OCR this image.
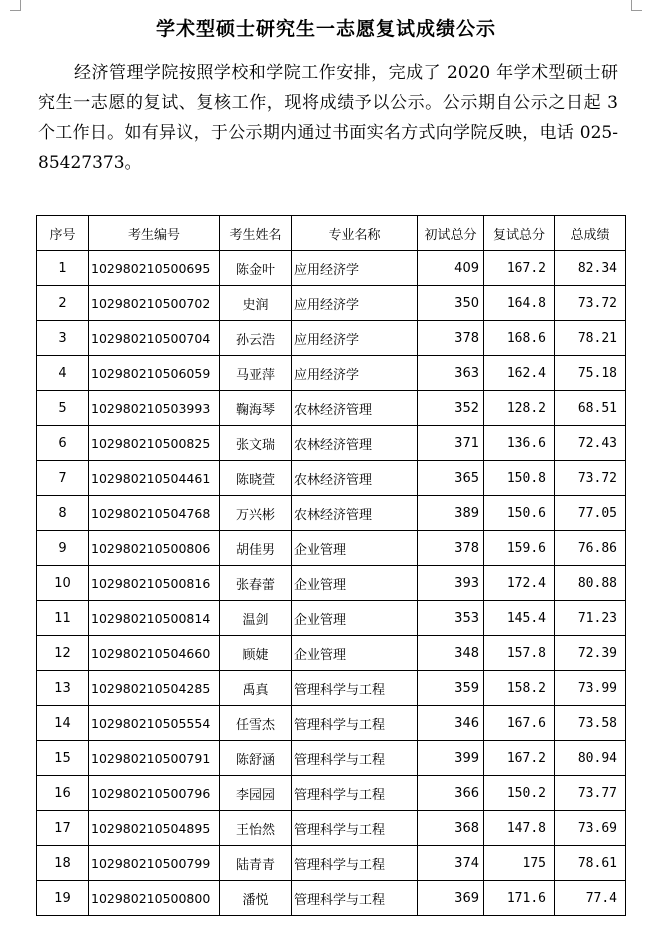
学术型硕士研究生一志愿复试成绩公示
经济管理学院按照学校和学院工作安排，完成了 2020 年学术型硕士研究生一志愿的复试、复核工作，现将成绩予以公示。公示期自公示之日起 3 个工作日。如有异议，于公示期内通过书面实名方式向学院反映，电话 025-85427373。
序号	考生编号	考生姓名	专业名称	初试总分	复试总分	总成绩
1	102980210500695	陈金叶	应用经济学	409	167.2	82.34
2	102980210500702	史润	应用经济学	350	164.8	73.72
3	102980210500704	孙云浩	应用经济学	378	168.6	78.21
4	102980210506059	马亚萍	应用经济学	363	162.4	75.18
5	102980210503993	鞠海琴	农林经济管理	352	128.2	68.51
6	102980210500825	张文瑞	农林经济管理	371	136.6	72.43
7	102980210504461	陈晓萱	农林经济管理	365	150.8	73.72
8	102980210504768	万兴彬	农林经济管理	389	150.6	77.05
9	102980210500806	胡佳男	企业管理	378	159.6	76.86
10	102980210500816	张春蕾	企业管理	393	172.4	80.88
11	102980210500814	温剑	企业管理	353	145.4	71.23
12	102980210504660	顾婕	企业管理	348	157.8	72.39
13	102980210504285	禹真	管理科学与工程	359	158.2	73.99
14	102980210505554	任雪杰	管理科学与工程	346	167.6	73.58
15	102980210500791	陈舒涵	管理科学与工程	399	167.2	80.94
16	102980210500796	李园园	管理科学与工程	366	150.2	73.77
17	102980210504895	王怡然	管理科学与工程	368	147.8	73.69
18	102980210500799	陆青青	管理科学与工程	374	175	78.61
19	102980210500800	潘悦	管理科学与工程	369	171.6	77.4
